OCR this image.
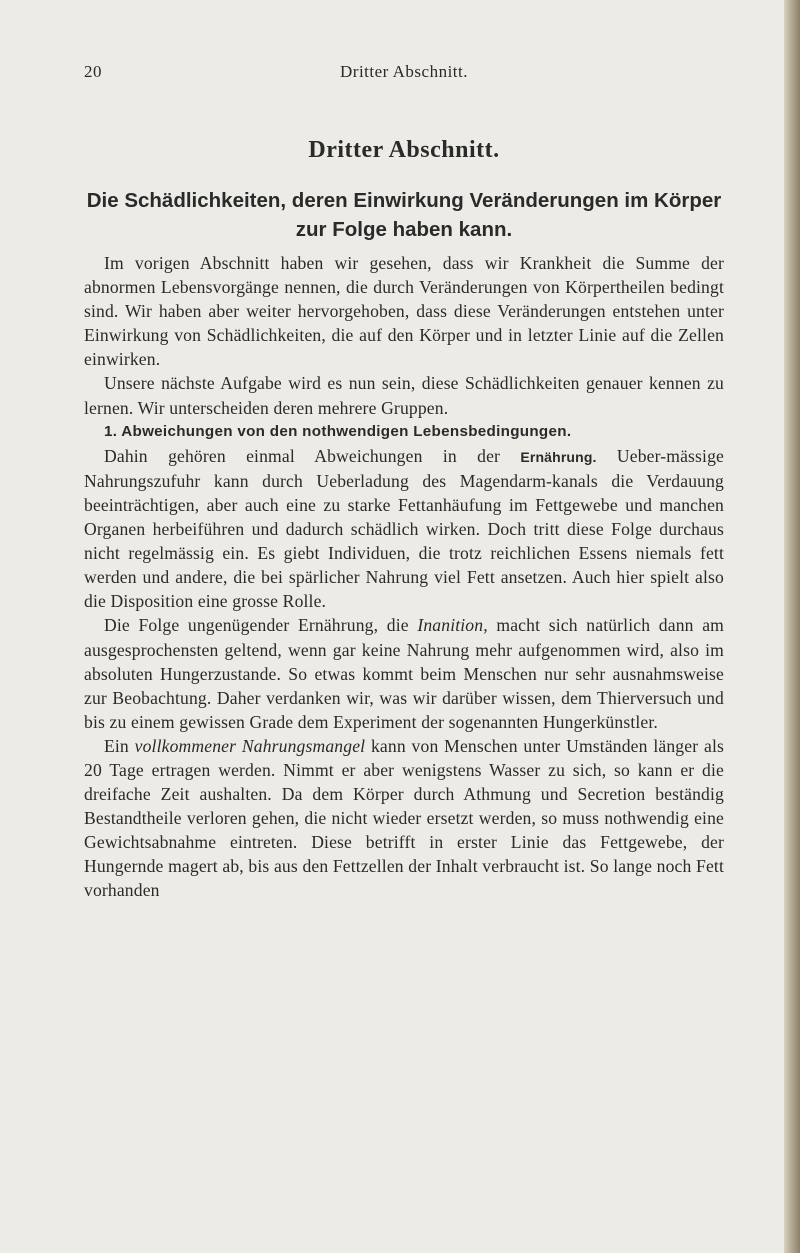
20	Dritter Abschnitt.
Dritter Abschnitt.
Die Schädlichkeiten, deren Einwirkung Veränderungen im Körper zur Folge haben kann.

Im vorigen Abschnitt haben wir gesehen, dass wir Krankheit die Summe der abnormen Lebensvorgänge nennen, die durch Veränderungen von Körpertheilen bedingt sind. Wir haben aber weiter hervorgehoben, dass diese Veränderungen entstehen unter Einwirkung von Schädlichkeiten, die auf den Körper und in letzter Linie auf die Zellen einwirken.

Unsere nächste Aufgabe wird es nun sein, diese Schädlichkeiten genauer kennen zu lernen. Wir unterscheiden deren mehrere Gruppen.

1. Abweichungen von den nothwendigen Lebensbedingungen.

Dahin gehören einmal Abweichungen in der Ernährung. Ueber-mässige Nahrungszufuhr kann durch Ueberladung des Magendarm-kanals die Verdauung beeinträchtigen, aber auch eine zu starke Fettanhäufung im Fettgewebe und manchen Organen herbeiführen und dadurch schädlich wirken. Doch tritt diese Folge durchaus nicht regelmässig ein. Es giebt Individuen, die trotz reichlichen Essens niemals fett werden und andere, die bei spärlicher Nahrung viel Fett ansetzen. Auch hier spielt also die Disposition eine grosse Rolle.

Die Folge ungenügender Ernährung, die Inanition, macht sich natürlich dann am ausgesprochensten geltend, wenn gar keine Nahrung mehr aufgenommen wird, also im absoluten Hungerzustande. So etwas kommt beim Menschen nur sehr ausnahmsweise zur Beobachtung. Daher verdanken wir, was wir darüber wissen, dem Thierversuch und bis zu einem gewissen Grade dem Experiment der sogenannten Hungerkünstler.

Ein vollkommener Nahrungsmangel kann von Menschen unter Umständen länger als 20 Tage ertragen werden. Nimmt er aber wenigstens Wasser zu sich, so kann er die dreifache Zeit aushalten. Da dem Körper durch Athmung und Secretion beständig Bestandtheile verloren gehen, die nicht wieder ersetzt werden, so muss nothwendig eine Gewichtsabnahme eintreten. Diese betrifft in erster Linie das Fettgewebe, der Hungernde magert ab, bis aus den Fettzellen der Inhalt verbraucht ist. So lange noch Fett vorhanden
